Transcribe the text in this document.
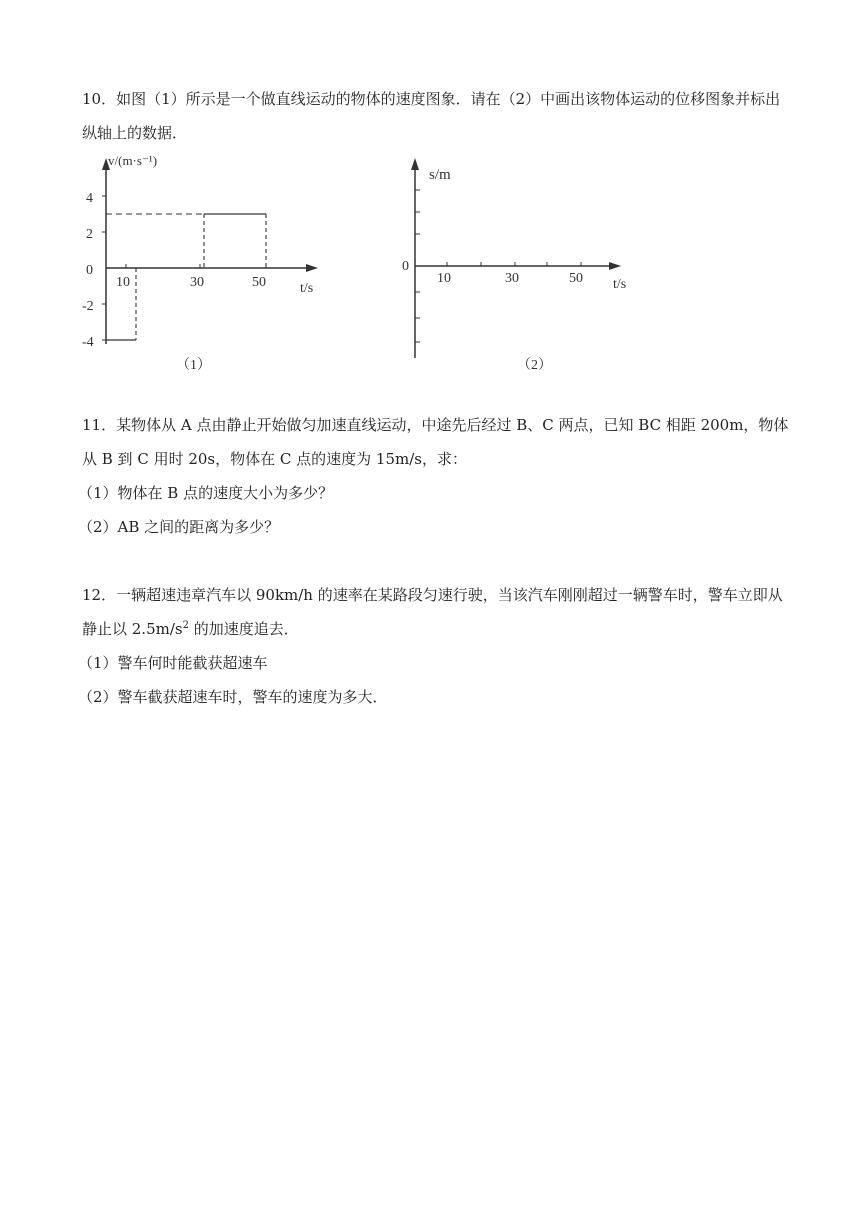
10．如图（1）所示是一个做直线运动的物体的速度图象．请在（2）中画出该物体运动的位移图象并标出
纵轴上的数据．
v/(m·s⁻¹)
4
2
0
-2
-4
10	30	50 t/s
（1）
s/m
0
10	30	50 t/s
（2）
11．某物体从 A 点由静止开始做匀加速直线运动，中途先后经过 B、C 两点，已知 BC 相距 200m，物体
从 B 到 C 用时 20s，物体在 C 点的速度为 15m/s，求：
（1）物体在 B 点的速度大小为多少？
（2）AB 之间的距离为多少？
12．一辆超速违章汽车以 90km/h 的速率在某路段匀速行驶，当该汽车刚刚超过一辆警车时，警车立即从
静止以 $2.5m/s^2$ 的加速度追去．
（1）警车何时能截获超速车
（2）警车截获超速车时，警车的速度为多大．
